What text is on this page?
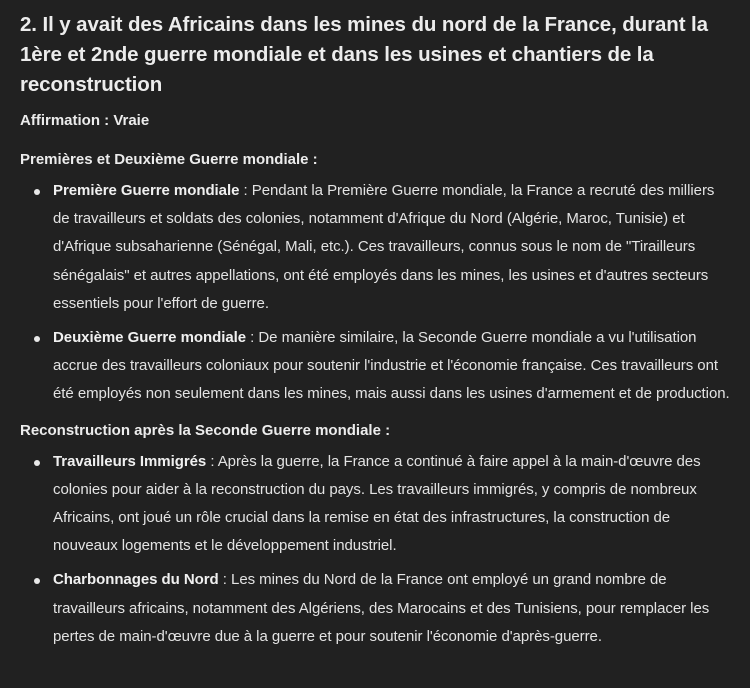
2. Il y avait des Africains dans les mines du nord de la France, durant la 1ère et 2nde guerre mondiale et dans les usines et chantiers de la reconstruction
Affirmation : Vraie
Premières et Deuxième Guerre mondiale :
Première Guerre mondiale : Pendant la Première Guerre mondiale, la France a recruté des milliers de travailleurs et soldats des colonies, notamment d'Afrique du Nord (Algérie, Maroc, Tunisie) et d'Afrique subsaharienne (Sénégal, Mali, etc.). Ces travailleurs, connus sous le nom de "Tirailleurs sénégalais" et autres appellations, ont été employés dans les mines, les usines et d'autres secteurs essentiels pour l'effort de guerre.
Deuxième Guerre mondiale : De manière similaire, la Seconde Guerre mondiale a vu l'utilisation accrue des travailleurs coloniaux pour soutenir l'industrie et l'économie française. Ces travailleurs ont été employés non seulement dans les mines, mais aussi dans les usines d'armement et de production.
Reconstruction après la Seconde Guerre mondiale :
Travailleurs Immigrés : Après la guerre, la France a continué à faire appel à la main-d'œuvre des colonies pour aider à la reconstruction du pays. Les travailleurs immigrés, y compris de nombreux Africains, ont joué un rôle crucial dans la remise en état des infrastructures, la construction de nouveaux logements et le développement industriel.
Charbonnages du Nord : Les mines du Nord de la France ont employé un grand nombre de travailleurs africains, notamment des Algériens, des Marocains et des Tunisiens, pour remplacer les pertes de main-d'œuvre due à la guerre et pour soutenir l'économie d'après-guerre.
